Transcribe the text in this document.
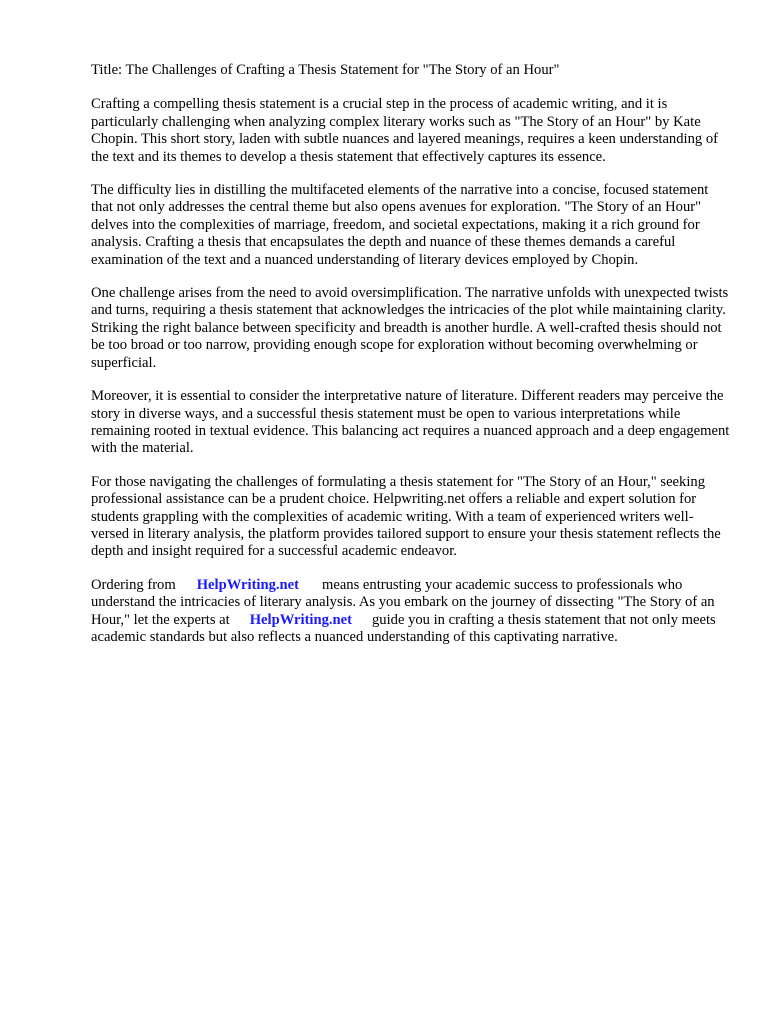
Title: The Challenges of Crafting a Thesis Statement for "The Story of an Hour"

Crafting a compelling thesis statement is a crucial step in the process of academic writing, and it is particularly challenging when analyzing complex literary works such as "The Story of an Hour" by Kate Chopin. This short story, laden with subtle nuances and layered meanings, requires a keen understanding of the text and its themes to develop a thesis statement that effectively captures its essence.

The difficulty lies in distilling the multifaceted elements of the narrative into a concise, focused statement that not only addresses the central theme but also opens avenues for exploration. "The Story of an Hour" delves into the complexities of marriage, freedom, and societal expectations, making it a rich ground for analysis. Crafting a thesis that encapsulates the depth and nuance of these themes demands a careful examination of the text and a nuanced understanding of literary devices employed by Chopin.

One challenge arises from the need to avoid oversimplification. The narrative unfolds with unexpected twists and turns, requiring a thesis statement that acknowledges the intricacies of the plot while maintaining clarity. Striking the right balance between specificity and breadth is another hurdle. A well-crafted thesis should not be too broad or too narrow, providing enough scope for exploration without becoming overwhelming or superficial.

Moreover, it is essential to consider the interpretative nature of literature. Different readers may perceive the story in diverse ways, and a successful thesis statement must be open to various interpretations while remaining rooted in textual evidence. This balancing act requires a nuanced approach and a deep engagement with the material.

For those navigating the challenges of formulating a thesis statement for "The Story of an Hour," seeking professional assistance can be a prudent choice. Helpwriting.net offers a reliable and expert solution for students grappling with the complexities of academic writing. With a team of experienced writers well-versed in literary analysis, the platform provides tailored support to ensure your thesis statement reflects the depth and insight required for a successful academic endeavor.

Ordering from HelpWriting.net means entrusting your academic success to professionals who understand the intricacies of literary analysis. As you embark on the journey of dissecting "The Story of an Hour," let the experts at HelpWriting.net guide you in crafting a thesis statement that not only meets academic standards but also reflects a nuanced understanding of this captivating narrative.
